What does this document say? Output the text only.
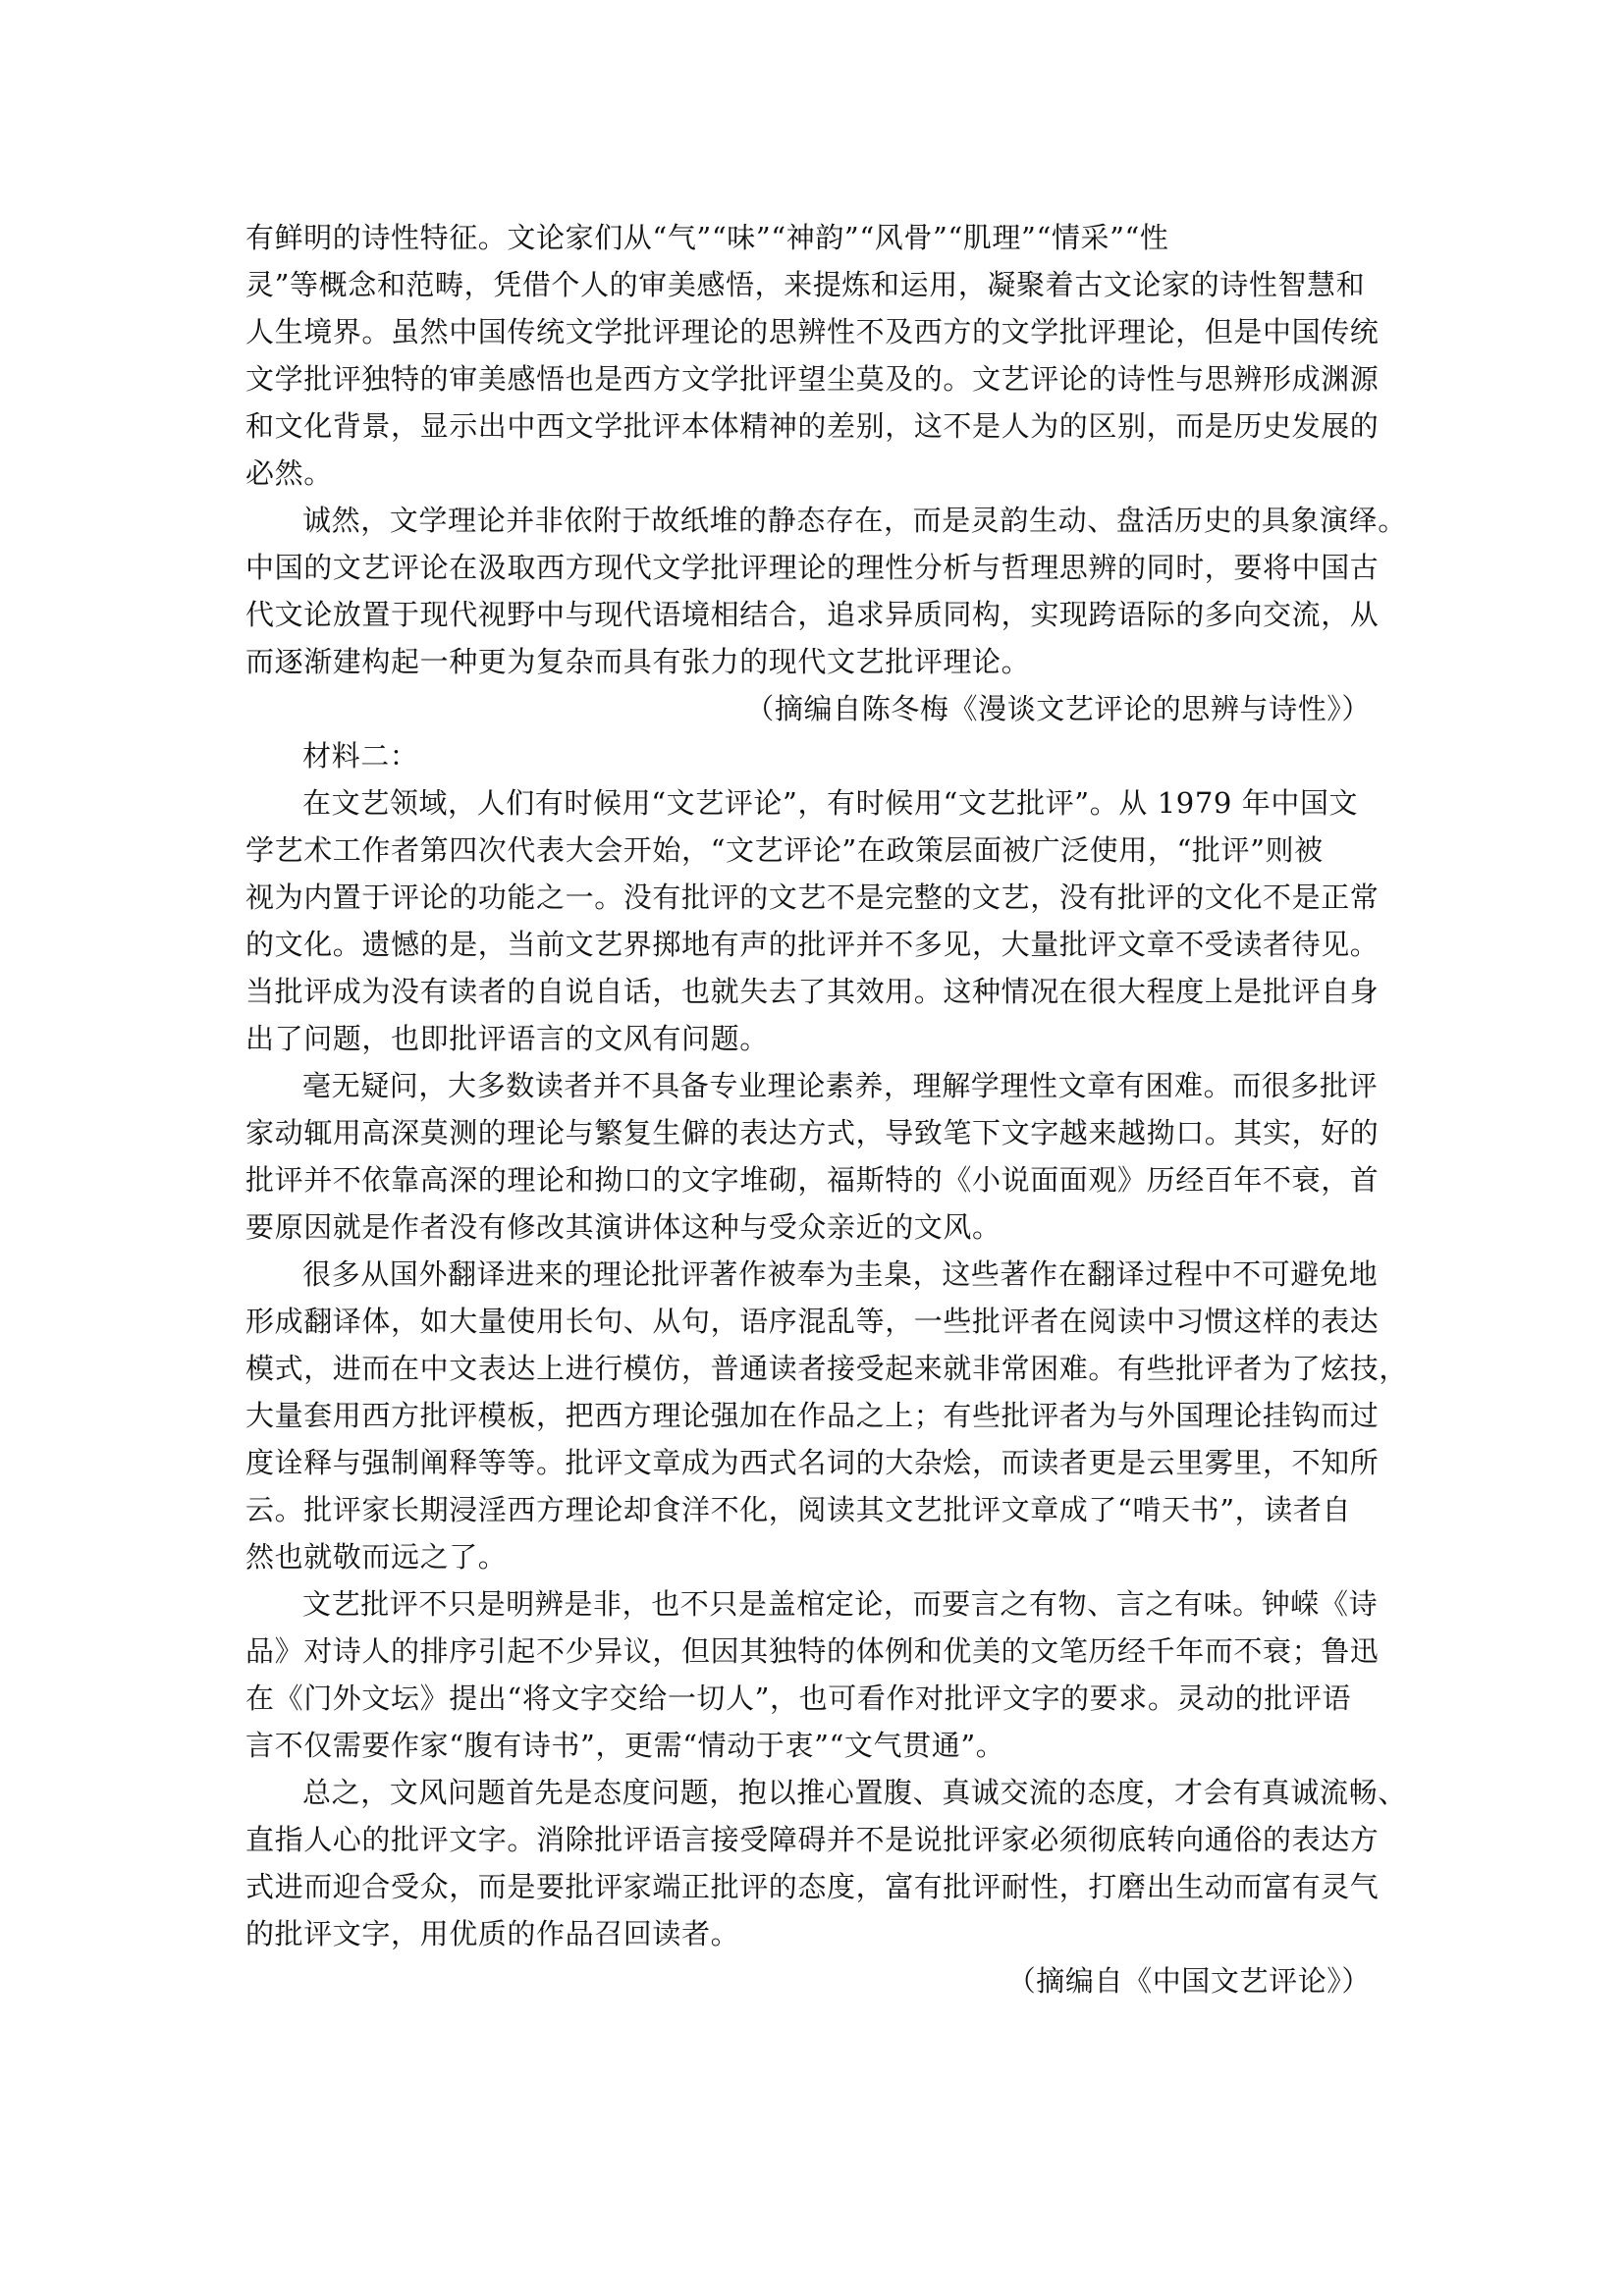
有鲜明的诗性特征。文论家们从“气”“味”“神韵”“风骨”“肌理”“情采”“性
灵”等概念和范畴，凭借个人的审美感悟，来提炼和运用，凝聚着古文论家的诗性智慧和
人生境界。虽然中国传统文学批评理论的思辨性不及西方的文学批评理论，但是中国传统
文学批评独特的审美感悟也是西方文学批评望尘莫及的。文艺评论的诗性与思辨形成渊源
和文化背景，显示出中西文学批评本体精神的差别，这不是人为的区别，而是历史发展的
必然。
诚然，文学理论并非依附于故纸堆的静态存在，而是灵韵生动、盘活历史的具象演绎。
中国的文艺评论在汲取西方现代文学批评理论的理性分析与哲理思辨的同时，要将中国古
代文论放置于现代视野中与现代语境相结合，追求异质同构，实现跨语际的多向交流，从
而逐渐建构起一种更为复杂而具有张力的现代文艺批评理论。
（摘编自陈冬梅《漫谈文艺评论的思辨与诗性》）
材料二：
在文艺领域，人们有时候用“文艺评论”，有时候用“文艺批评”。从 1979 年中国文
学艺术工作者第四次代表大会开始，“文艺评论”在政策层面被广泛使用，“批评”则被
视为内置于评论的功能之一。没有批评的文艺不是完整的文艺，没有批评的文化不是正常
的文化。遗憾的是，当前文艺界掷地有声的批评并不多见，大量批评文章不受读者待见。
当批评成为没有读者的自说自话，也就失去了其效用。这种情况在很大程度上是批评自身
出了问题，也即批评语言的文风有问题。
毫无疑问，大多数读者并不具备专业理论素养，理解学理性文章有困难。而很多批评
家动辄用高深莫测的理论与繁复生僻的表达方式，导致笔下文字越来越拗口。其实，好的
批评并不依靠高深的理论和拗口的文字堆砌，福斯特的《小说面面观》历经百年不衰，首
要原因就是作者没有修改其演讲体这种与受众亲近的文风。
很多从国外翻译进来的理论批评著作被奉为圭臬，这些著作在翻译过程中不可避免地
形成翻译体，如大量使用长句、从句，语序混乱等，一些批评者在阅读中习惯这样的表达
模式，进而在中文表达上进行模仿，普通读者接受起来就非常困难。有些批评者为了炫技，
大量套用西方批评模板，把西方理论强加在作品之上；有些批评者为与外国理论挂钩而过
度诠释与强制阐释等等。批评文章成为西式名词的大杂烩，而读者更是云里雾里，不知所
云。批评家长期浸淫西方理论却食洋不化，阅读其文艺批评文章成了“啃天书”，读者自
然也就敬而远之了。
文艺批评不只是明辨是非，也不只是盖棺定论，而要言之有物、言之有味。钟嵘《诗
品》对诗人的排序引起不少异议，但因其独特的体例和优美的文笔历经千年而不衰；鲁迅
在《门外文坛》提出“将文字交给一切人”，也可看作对批评文字的要求。灵动的批评语
言不仅需要作家“腹有诗书”，更需“情动于衷”“文气贯通”。
总之，文风问题首先是态度问题，抱以推心置腹、真诚交流的态度，才会有真诚流畅、
直指人心的批评文字。消除批评语言接受障碍并不是说批评家必须彻底转向通俗的表达方
式进而迎合受众，而是要批评家端正批评的态度，富有批评耐性，打磨出生动而富有灵气
的批评文字，用优质的作品召回读者。
（摘编自《中国文艺评论》）
